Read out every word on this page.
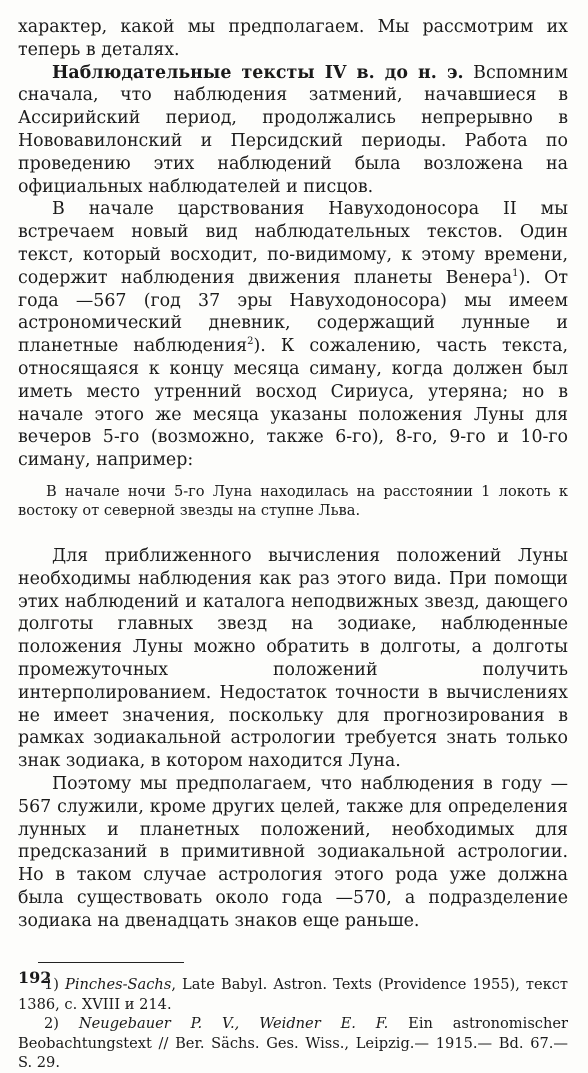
характер, какой мы предполагаем. Мы рассмотрим их теперь в деталях.

Наблюдательные тексты IV в. до н. э. Вспомним сначала, что наблюдения затмений, начавшиеся в Ассирийский период, продолжались непрерывно в Нововавилонский и Персидский периоды. Работа по проведению этих наблюдений была возложена на официальных наблюдателей и писцов.

В начале царствования Навуходоносора II мы встречаем новый вид наблюдательных текстов. Один текст, который восходит, по-видимому, к этому времени, содержит наблюдения движения планеты Венера$^1$). От года —567 (год 37 эры Навуходоносора) мы имеем астрономический дневник, содержащий лунные и планетные наблюдения$^2$). К сожалению, часть текста, относящаяся к концу месяца симану, когда должен был иметь место утренний восход Сириуса, утеряна; но в начале этого же месяца указаны положения Луны для вечеров 5-го (возможно, также 6-го), 8-го, 9-го и 10-го симану, например:

В начале ночи 5-го Луна находилась на расстоянии 1 локоть к востоку от северной звезды на ступне Льва.

Для приближенного вычисления положений Луны необходимы наблюдения как раз этого вида. При помощи этих наблюдений и каталога неподвижных звезд, дающего долготы главных звезд на зодиаке, наблюденные положения Луны можно обратить в долготы, а долготы промежуточных положений получить интерполированием. Недостаток точности в вычислениях не имеет значения, поскольку для прогнозирования в рамках зодиакальной астрологии требуется знать только знак зодиака, в котором находится Луна.

Поэтому мы предполагаем, что наблюдения в году —567 служили, кроме других целей, также для определения лунных и планетных положений, необходимых для предсказаний в примитивной зодиакальной астрологии. Но в таком случае астрология этого рода уже должна была существовать около года —570, а подразделение зодиака на двенадцать знаков еще раньше.

1) Pinches-Sachs, Late Babyl. Astron. Texts (Providence 1955), текст 1386, с. XVIII и 214.

2) Neugebauer P. V., Weidner E. F. Ein astronomischer Beobachtungstext // Ber. Sächs. Ges. Wiss., Leipzig.— 1915.— Bd. 67.— S. 29.

192
